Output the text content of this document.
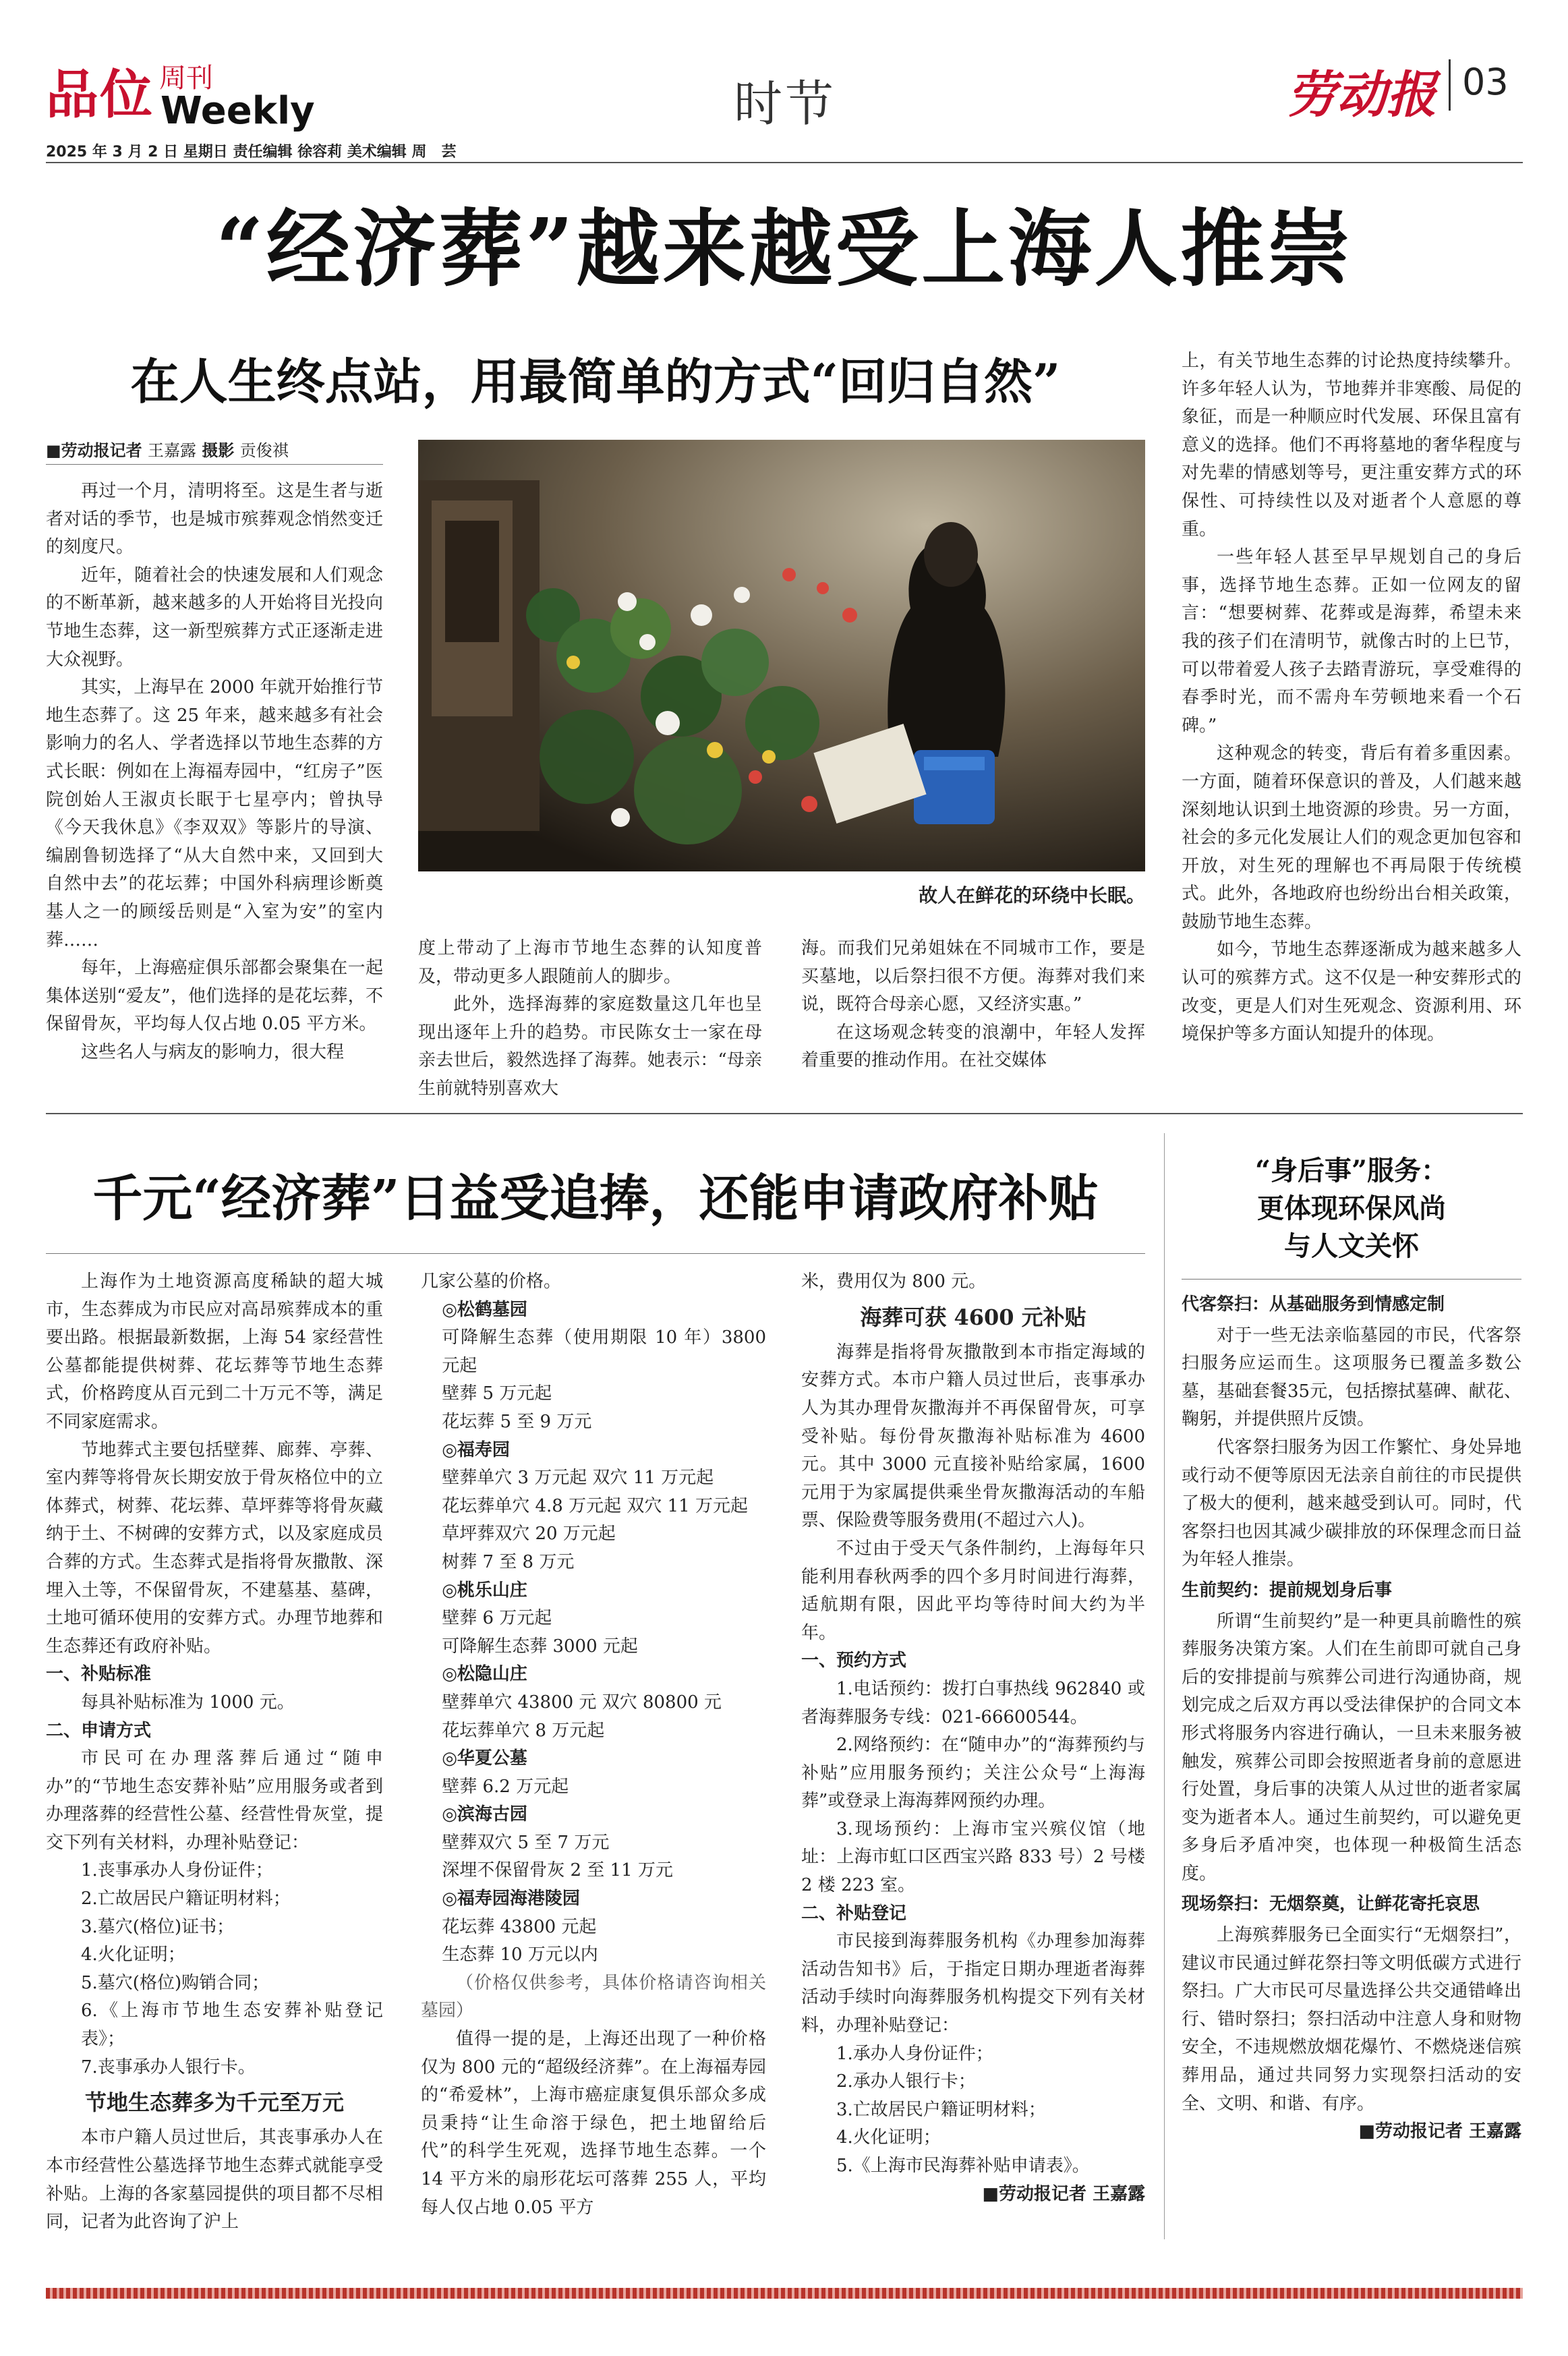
品位 周刊
Weekly	时节	劳动报 03
2025 年 3 月 2 日 星期日 责任编辑 徐容莉 美术编辑 周　芸
“经济葬”越来越受上海人推崇
在人生终点站，用最简单的方式“回归自然”
■劳动报记者 王嘉露 摄影 贡俊祺

再过一个月，清明将至。这是生者与逝者对话的季节，也是城市殡葬观念悄然变迁的刻度尺。

近年，随着社会的快速发展和人们观念的不断革新，越来越多的人开始将目光投向节地生态葬，这一新型殡葬方式正逐渐走进大众视野。

其实，上海早在 2000 年就开始推行节地生态葬了。这 25 年来，越来越多有社会影响力的名人、学者选择以节地生态葬的方式长眠：例如在上海福寿园中，“红房子”医院创始人王淑贞长眠于七星亭内；曾执导《今天我休息》《李双双》等影片的导演、编剧鲁韧选择了“从大自然中来，又回到大自然中去”的花坛葬；中国外科病理诊断奠基人之一的顾绥岳则是“入室为安”的室内葬……

每年，上海癌症俱乐部都会聚集在一起集体送别“爱友”，他们选择的是花坛葬，不保留骨灰，平均每人仅占地 0.05 平方米。

这些名人与病友的影响力，很大程

故人在鲜花的环绕中长眠。

度上带动了上海市节地生态葬的认知度普及，带动更多人跟随前人的脚步。

此外，选择海葬的家庭数量这几年也呈现出逐年上升的趋势。市民陈女士一家在母亲去世后，毅然选择了海葬。她表示：“母亲生前就特别喜欢大

海。而我们兄弟姐妹在不同城市工作，要是买墓地，以后祭扫很不方便。海葬对我们来说，既符合母亲心愿，又经济实惠。”

在这场观念转变的浪潮中，年轻人发挥着重要的推动作用。在社交媒体

上，有关节地生态葬的讨论热度持续攀升。许多年轻人认为，节地葬并非寒酸、局促的象征，而是一种顺应时代发展、环保且富有意义的选择。他们不再将墓地的奢华程度与对先辈的情感划等号，更注重安葬方式的环保性、可持续性以及对逝者个人意愿的尊重。

一些年轻人甚至早早规划自己的身后事，选择节地生态葬。正如一位网友的留言：“想要树葬、花葬或是海葬，希望未来我的孩子们在清明节，就像古时的上巳节，可以带着爱人孩子去踏青游玩，享受难得的春季时光，而不需舟车劳顿地来看一个石碑。”

这种观念的转变，背后有着多重因素。一方面，随着环保意识的普及，人们越来越深刻地认识到土地资源的珍贵。另一方面，社会的多元化发展让人们的观念更加包容和开放，对生死的理解也不再局限于传统模式。此外，各地政府也纷纷出台相关政策，鼓励节地生态葬。

如今，节地生态葬逐渐成为越来越多人认可的殡葬方式。这不仅是一种安葬形式的改变，更是人们对生死观念、资源利用、环境保护等多方面认知提升的体现。

千元“经济葬”日益受追捧，还能申请政府补贴

上海作为土地资源高度稀缺的超大城市，生态葬成为市民应对高昂殡葬成本的重要出路。根据最新数据，上海 54 家经营性公墓都能提供树葬、花坛葬等节地生态葬式，价格跨度从百元到二十万元不等，满足不同家庭需求。

节地葬式主要包括壁葬、廊葬、亭葬、室内葬等将骨灰长期安放于骨灰格位中的立体葬式，树葬、花坛葬、草坪葬等将骨灰藏纳于土、不树碑的安葬方式，以及家庭成员合葬的方式。生态葬式是指将骨灰撒散、深埋入土等，不保留骨灰，不建墓基、墓碑，土地可循环使用的安葬方式。办理节地葬和生态葬还有政府补贴。

一、补贴标准

每具补贴标准为 1000 元。

二、申请方式

市民可在办理落葬后通过“随申办”的“节地生态安葬补贴”应用服务或者到办理落葬的经营性公墓、经营性骨灰堂，提交下列有关材料，办理补贴登记：

1.丧事承办人身份证件；

2.亡故居民户籍证明材料；

3.墓穴(格位)证书；

4.火化证明；

5.墓穴(格位)购销合同；

6.《上海市节地生态安葬补贴登记表》；

7.丧事承办人银行卡。

节地生态葬多为千元至万元

本市户籍人员过世后，其丧事承办人在本市经营性公墓选择节地生态葬式就能享受补贴。上海的各家墓园提供的项目都不尽相同，记者为此咨询了沪上

几家公墓的价格。

◎松鹤墓园

可降解生态葬（使用期限 10 年）3800 元起

壁葬 5 万元起

花坛葬 5 至 9 万元

◎福寿园

壁葬单穴 3 万元起 双穴 11 万元起

花坛葬单穴 4.8 万元起 双穴 11 万元起

草坪葬双穴 20 万元起

树葬 7 至 8 万元

◎桃乐山庄

壁葬 6 万元起

可降解生态葬 3000 元起

◎松隐山庄

壁葬单穴 43800 元 双穴 80800 元

花坛葬单穴 8 万元起

◎华夏公墓

壁葬 6.2 万元起

◎滨海古园

壁葬双穴 5 至 7 万元

深埋不保留骨灰 2 至 11 万元

◎福寿园海港陵园

花坛葬 43800 元起

生态葬 10 万元以内

（价格仅供参考，具体价格请咨询相关墓园）

值得一提的是，上海还出现了一种价格仅为 800 元的“超级经济葬”。在上海福寿园的“希爱林”，上海市癌症康复俱乐部众多成员秉持“让生命溶于绿色，把土地留给后代”的科学生死观，选择节地生态葬。一个 14 平方米的扇形花坛可落葬 255 人，平均每人仅占地 0.05 平方

米，费用仅为 800 元。

海葬可获 4600 元补贴

海葬是指将骨灰撒散到本市指定海域的安葬方式。本市户籍人员过世后，丧事承办人为其办理骨灰撒海并不再保留骨灰，可享受补贴。每份骨灰撒海补贴标准为 4600 元。其中 3000 元直接补贴给家属，1600 元用于为家属提供乘坐骨灰撒海活动的车船票、保险费等服务费用(不超过六人)。

不过由于受天气条件制约，上海每年只能利用春秋两季的四个多月时间进行海葬，适航期有限，因此平均等待时间大约为半年。

一、预约方式

1.电话预约：拨打白事热线 962840 或者海葬服务专线：021-66600544。

2.网络预约：在“随申办”的“海葬预约与补贴”应用服务预约；关注公众号“上海海葬”或登录上海海葬网预约办理。

3.现场预约：上海市宝兴殡仪馆（地址：上海市虹口区西宝兴路 833 号）2 号楼 2 楼 223 室。

二、补贴登记

市民接到海葬服务机构《办理参加海葬活动告知书》后，于指定日期办理逝者海葬活动手续时向海葬服务机构提交下列有关材料，办理补贴登记：

1.承办人身份证件；

2.承办人银行卡；

3.亡故居民户籍证明材料；

4.火化证明；

5.《上海市民海葬补贴申请表》。

■劳动报记者 王嘉露

“身后事”服务：
更体现环保风尚
与人文关怀

代客祭扫：从基础服务到情感定制

对于一些无法亲临墓园的市民，代客祭扫服务应运而生。这项服务已覆盖多数公墓，基础套餐35元，包括擦拭墓碑、献花、鞠躬，并提供照片反馈。

代客祭扫服务为因工作繁忙、身处异地或行动不便等原因无法亲自前往的市民提供了极大的便利，越来越受到认可。同时，代客祭扫也因其减少碳排放的环保理念而日益为年轻人推崇。

生前契约：提前规划身后事

所谓“生前契约”是一种更具前瞻性的殡葬服务决策方案。人们在生前即可就自己身后的安排提前与殡葬公司进行沟通协商，规划完成之后双方再以受法律保护的合同文本形式将服务内容进行确认，一旦未来服务被触发，殡葬公司即会按照逝者身前的意愿进行处置，身后事的决策人从过世的逝者家属变为逝者本人。通过生前契约，可以避免更多身后矛盾冲突，也体现一种极简生活态度。

现场祭扫：无烟祭奠，让鲜花寄托哀思

上海殡葬服务已全面实行“无烟祭扫”，建议市民通过鲜花祭扫等文明低碳方式进行祭扫。广大市民可尽量选择公共交通错峰出行、错时祭扫；祭扫活动中注意人身和财物安全，不违规燃放烟花爆竹、不燃烧迷信殡葬用品，通过共同努力实现祭扫活动的安全、文明、和谐、有序。

■劳动报记者 王嘉露
